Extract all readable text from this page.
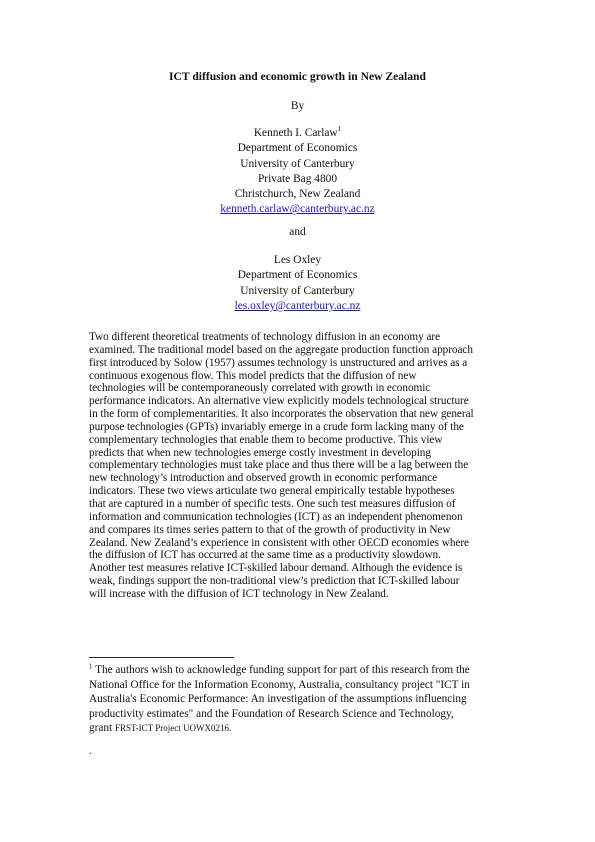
ICT diffusion and economic growth in New Zealand
By
Kenneth I. Carlaw$^1$
Department of Economics
University of Canterbury
Private Bag 4800
Christchurch, New Zealand
kenneth.carlaw@canterbury.ac.nz
and
Les Oxley
Department of Economics
University of Canterbury
les.oxley@canterbury.ac.nz
Two different theoretical treatments of technology diffusion in an economy are
examined. The traditional model based on the aggregate production function approach
first introduced by Solow (1957) assumes technology is unstructured and arrives as a
continuous exogenous flow. This model predicts that the diffusion of new
technologies will be contemporaneously correlated with growth in economic
performance indicators. An alternative view explicitly models technological structure
in the form of complementarities. It also incorporates the observation that new general
purpose technologies (GPTs) invariably emerge in a crude form lacking many of the
complementary technologies that enable them to become productive. This view
predicts that when new technologies emerge costly investment in developing
complementary technologies must take place and thus there will be a lag between the
new technology’s introduction and observed growth in economic performance
indicators. These two views articulate two general empirically testable hypotheses
that are captured in a number of specific tests. One such test measures diffusion of
information and communication technologies (ICT) as an independent phenomenon
and compares its times series pattern to that of the growth of productivity in New
Zealand. New Zealand’s experience in consistent with other OECD economies where
the diffusion of ICT has occurred at the same time as a productivity slowdown.
Another test measures relative ICT-skilled labour demand. Although the evidence is
weak, findings support the non-traditional view’s prediction that ICT-skilled labour
will increase with the diffusion of ICT technology in New Zealand.
$^1$ The authors wish to acknowledge funding support for part of this research from the
National Office for the Information Economy, Australia, consultancy project "ICT in
Australia's Economic Performance: An investigation of the assumptions influencing
productivity estimates" and the Foundation of Research Science and Technology,
grant FRST-ICT Project UOWX0216.
.
